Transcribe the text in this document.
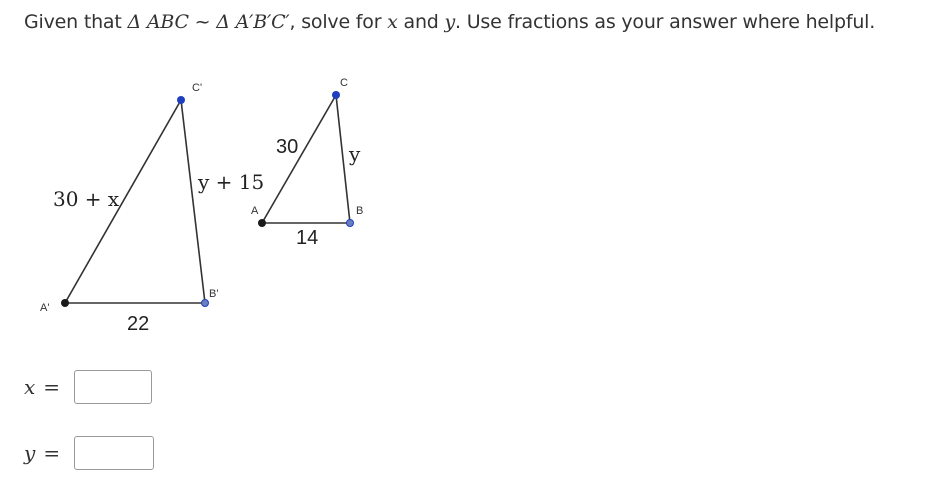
Given that Δ ABC ~ Δ A′B′C′, solve for x and y. Use fractions as your answer where helpful.
A'
B'
C'
30 + x
y + 15
22
A	B
C
30	y
14
x =
y =
